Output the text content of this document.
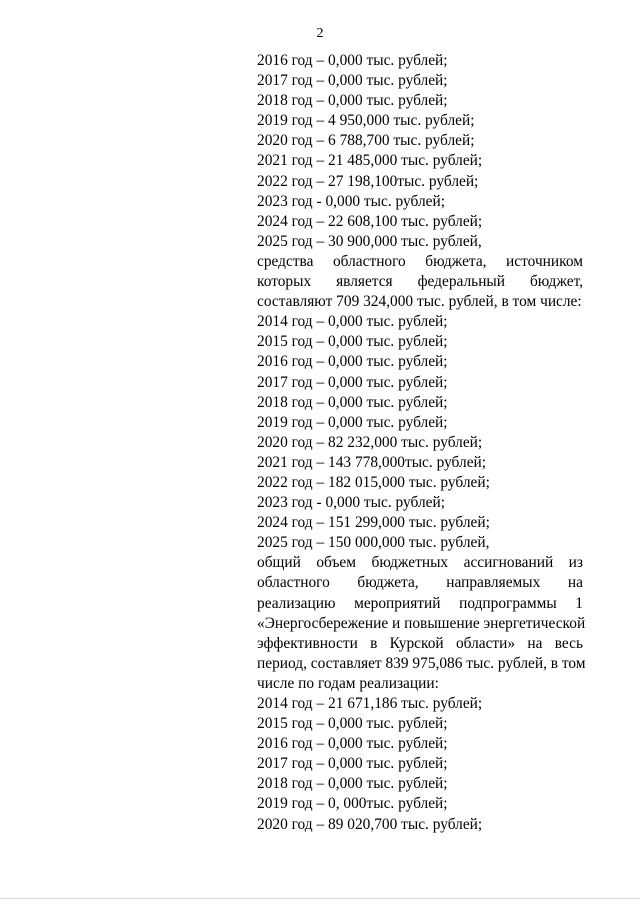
2

2016 год – 0,000 тыс. рублей;

2017 год – 0,000 тыс. рублей;

2018 год – 0,000 тыс. рублей;

2019 год – 4 950,000 тыс. рублей;

2020 год – 6 788,700 тыс. рублей;

2021 год – 21 485,000 тыс. рублей;

2022 год – 27 198,100тыс. рублей;

2023 год - 0,000 тыс. рублей;

2024 год – 22 608,100 тыс. рублей;

2025 год – 30 900,000 тыс. рублей,

средства областного бюджета, источником
которых является федеральный бюджет,
составляют 709 324,000 тыс. рублей, в том числе:

2014 год – 0,000 тыс. рублей;

2015 год – 0,000 тыс. рублей;

2016 год – 0,000 тыс. рублей;

2017 год – 0,000 тыс. рублей;

2018 год – 0,000 тыс. рублей;

2019 год – 0,000 тыс. рублей;

2020 год – 82 232,000 тыс. рублей;

2021 год – 143 778,000тыс. рублей;

2022 год – 182 015,000 тыс. рублей;

2023 год - 0,000 тыс. рублей;

2024 год – 151 299,000 тыс. рублей;

2025 год – 150 000,000 тыс. рублей,

общий объем бюджетных ассигнований из
областного бюджета, направляемых на
реализацию мероприятий подпрограммы 1
«Энергосбережение и повышение энергетической
эффективности в Курской области» на весь
период, составляет 839 975,086 тыс. рублей, в том
числе по годам реализации:

2014 год – 21 671,186 тыс. рублей;

2015 год – 0,000 тыс. рублей;

2016 год – 0,000 тыс. рублей;

2017 год – 0,000 тыс. рублей;

2018 год – 0,000 тыс. рублей;

2019 год – 0, 000тыс. рублей;

2020 год – 89 020,700 тыс. рублей;
